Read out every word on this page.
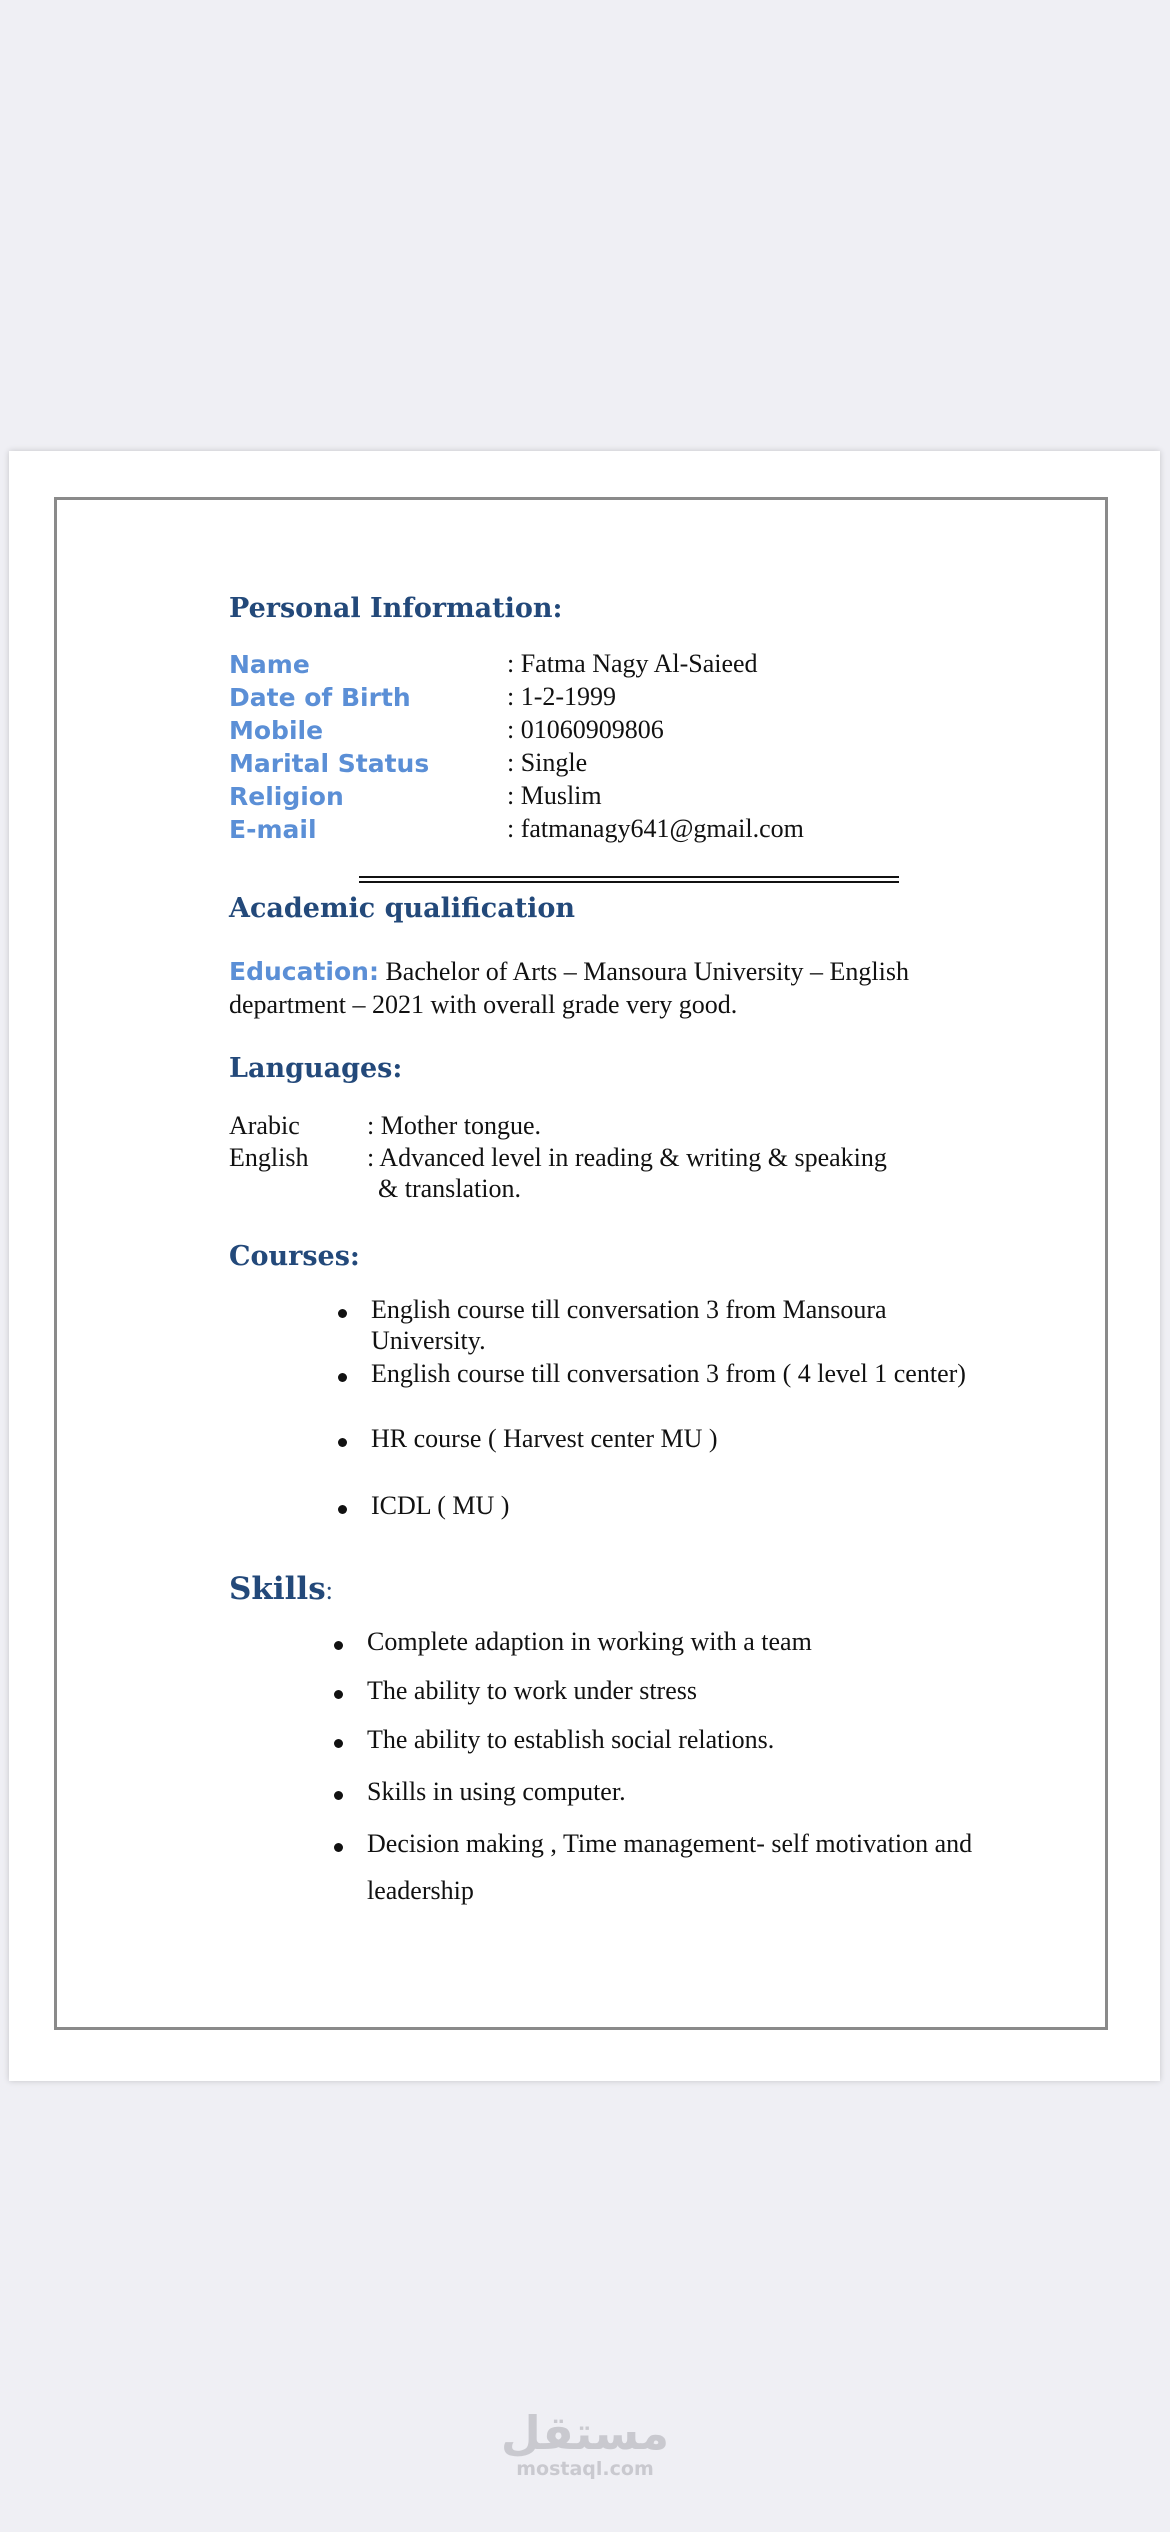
Personal Information:
Name	: Fatma Nagy Al-Saieed
Date of Birth	: 1-2-1999
Mobile	: 01060909806
Marital Status	: Single
Religion	: Muslim
E-mail	: fatmanagy641@gmail.com
Academic qualification
Education: Bachelor of Arts – Mansoura University – English
department – 2021 with overall grade very good.
Languages:
Arabic	: Mother tongue.
English : Advanced level in reading & writing & speaking
& translation.
Courses:
English course till conversation 3 from Mansoura
University.
English course till conversation 3 from ( 4 level 1 center)
HR course ( Harvest center MU )
ICDL ( MU )
Skills:
Complete adaption in working with a team
The ability to work under stress
The ability to establish social relations.
Skills in using computer.
Decision making , Time management- self motivation and
leadership
مستقل
mostaql.com
